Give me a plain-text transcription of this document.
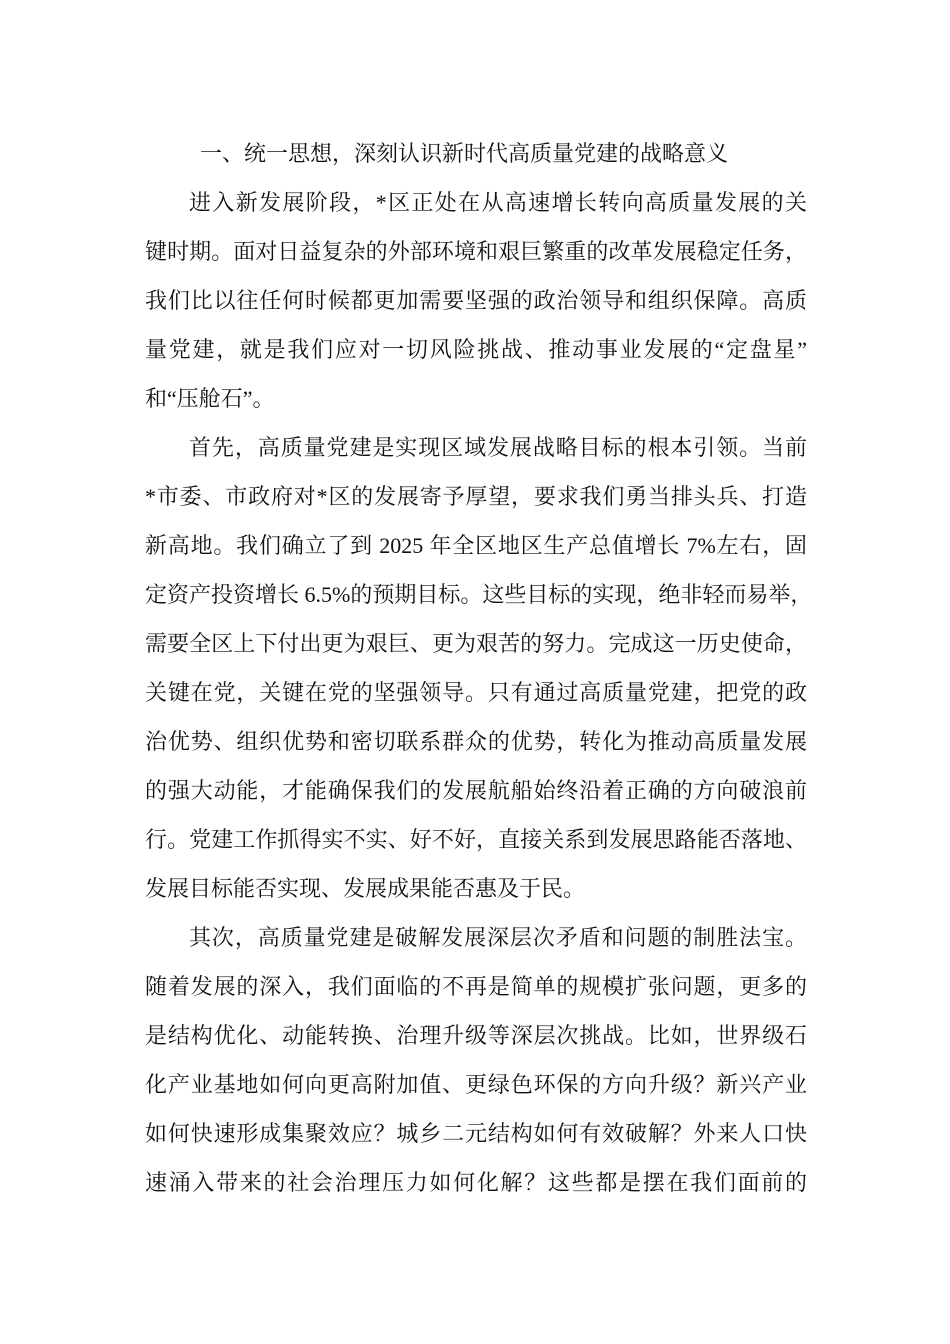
一、统一思想，深刻认识新时代高质量党建的战略意义
进入新发展阶段，*区正处在从高速增长转向高质量发展的关
键时期。面对日益复杂的外部环境和艰巨繁重的改革发展稳定任务，
我们比以往任何时候都更加需要坚强的政治领导和组织保障。高质
量党建，就是我们应对一切风险挑战、推动事业发展的“定盘星”
和“压舱石”。
首先，高质量党建是实现区域发展战略目标的根本引领。当前
*市委、市政府对*区的发展寄予厚望，要求我们勇当排头兵、打造
新高地。我们确立了到 2025 年全区地区生产总值增长 7%左右，固
定资产投资增长 6.5%的预期目标。这些目标的实现，绝非轻而易举，
需要全区上下付出更为艰巨、更为艰苦的努力。完成这一历史使命，
关键在党，关键在党的坚强领导。只有通过高质量党建，把党的政
治优势、组织优势和密切联系群众的优势，转化为推动高质量发展
的强大动能，才能确保我们的发展航船始终沿着正确的方向破浪前
行。党建工作抓得实不实、好不好，直接关系到发展思路能否落地、
发展目标能否实现、发展成果能否惠及于民。
其次，高质量党建是破解发展深层次矛盾和问题的制胜法宝。
随着发展的深入，我们面临的不再是简单的规模扩张问题，更多的
是结构优化、动能转换、治理升级等深层次挑战。比如，世界级石
化产业基地如何向更高附加值、更绿色环保的方向升级？新兴产业
如何快速形成集聚效应？城乡二元结构如何有效破解？外来人口快
速涌入带来的社会治理压力如何化解？这些都是摆在我们面前的
